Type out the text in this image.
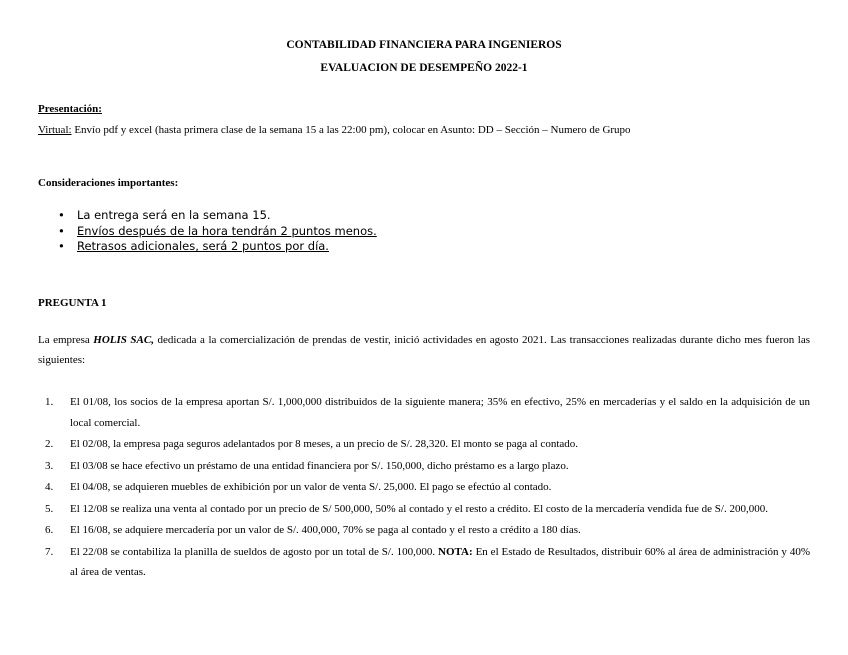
CONTABILIDAD FINANCIERA PARA INGENIEROS
EVALUACION DE DESEMPEÑO 2022-1
Presentación:
Virtual: Envío pdf y excel (hasta primera clase de la semana 15 a las 22:00 pm), colocar en Asunto: DD – Sección – Numero de Grupo
Consideraciones importantes:
• La entrega será en la semana 15.
• Envíos después de la hora tendrán 2 puntos menos.
• Retrasos adicionales, será 2 puntos por día.
PREGUNTA 1
La empresa HOLIS SAC, dedicada a la comercialización de prendas de vestir, inició actividades en agosto 2021. Las transacciones realizadas durante dicho mes fueron las siguientes:
1. El 01/08, los socios de la empresa aportan S/. 1,000,000 distribuidos de la siguiente manera; 35% en efectivo, 25% en mercaderías y el saldo en la adquisición de un local comercial.
2. El 02/08, la empresa paga seguros adelantados por 8 meses, a un precio de S/. 28,320. El monto se paga al contado.
3. El 03/08 se hace efectivo un préstamo de una entidad financiera por S/. 150,000, dicho préstamo es a largo plazo.
4. El 04/08, se adquieren muebles de exhibición por un valor de venta S/. 25,000. El pago se efectúo al contado.
5. El 12/08 se realiza una venta al contado por un precio de S/ 500,000, 50% al contado y el resto a crédito. El costo de la mercadería vendida fue de S/. 200,000.
6. El 16/08, se adquiere mercadería por un valor de S/. 400,000, 70% se paga al contado y el resto a crédito a 180 días.
7. El 22/08 se contabiliza la planilla de sueldos de agosto por un total de S/. 100,000. NOTA: En el Estado de Resultados, distribuir 60% al área de administración y 40% al área de ventas.
